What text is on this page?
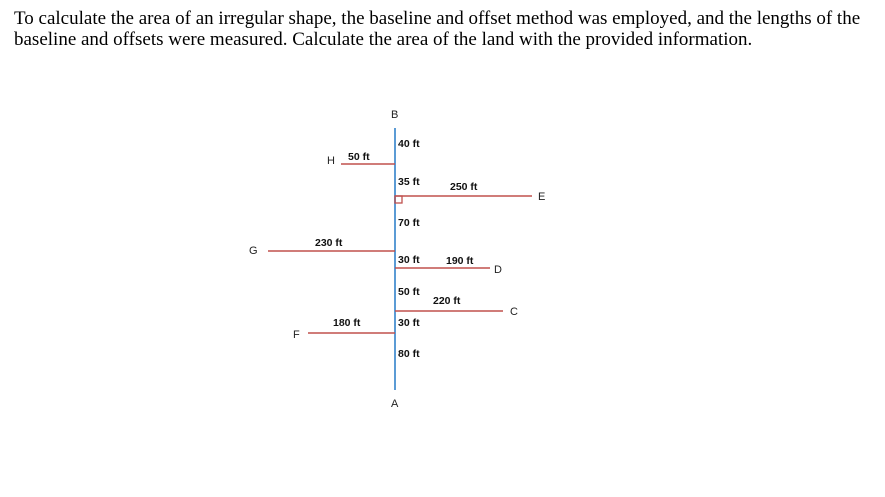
To calculate the area of an irregular shape, the baseline and offset method was employed, and the lengths of the baseline and offsets were measured. Calculate the area of the land with the provided information.

B
A
H
E
G
D
C
F
40 ft
35 ft
70 ft
30 ft
50 ft
30 ft
80 ft
50 ft
250 ft
230 ft
190 ft
220 ft
180 ft
